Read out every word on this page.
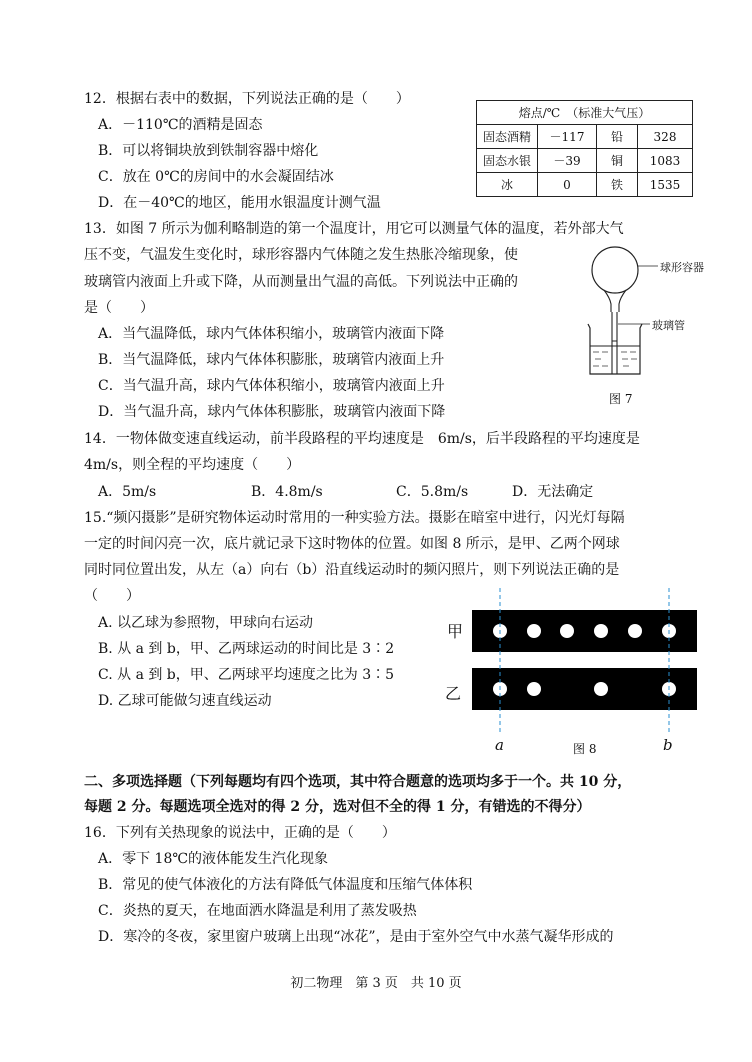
12．根据右表中的数据，下列说法正确的是（　　）
A．－110℃的酒精是固态
B．可以将铜块放到铁制容器中熔化
C．放在 0℃的房间中的水会凝固结冰
D．在－40℃的地区，能用水银温度计测气温
熔点/℃　（标准大气压）			
固态酒精	－117	铅	328
固态水银	－39	铜	1083
冰	0	铁	1535
13．如图 7 所示为伽利略制造的第一个温度计，用它可以测量气体的温度，若外部大气
压不变，气温发生变化时，球形容器内气体随之发生热胀冷缩现象，使
玻璃管内液面上升或下降，从而测量出气温的高低。下列说法中正确的
是（　　）
A．当气温降低，球内气体体积缩小，玻璃管内液面下降
B．当气温降低，球内气体体积膨胀，玻璃管内液面上升
C．当气温升高，球内气体体积缩小，玻璃管内液面上升
D．当气温升高，球内气体体积膨胀，玻璃管内液面下降
球形容器
玻璃管
图 7
14．一物体做变速直线运动，前半段路程的平均速度是　6m/s，后半段路程的平均速度是
4m/s，则全程的平均速度（　　）
A．5m/s	B．4.8m/s	C．5.8m/s	D．无法确定
15.“频闪摄影”是研究物体运动时常用的一种实验方法。摄影在暗室中进行，闪光灯每隔
一定的时间闪亮一次，底片就记录下这时物体的位置。如图 8 所示，是甲、乙两个网球
同时同位置出发，从左（a）向右（b）沿直线运动时的频闪照片，则下列说法正确的是
（　　）
A. 以乙球为参照物，甲球向右运动
B. 从 a 到 b，甲、乙两球运动的时间比是 3∶2
C. 从 a 到 b，甲、乙两球平均速度之比为 3∶5
D. 乙球可能做匀速直线运动
甲
乙
a	b
图 8
二、多项选择题（下列每题均有四个选项，其中符合题意的选项均多于一个。共 10 分，
每题 2 分。每题选项全选对的得 2 分，选对但不全的得 1 分，有错选的不得分）
16．下列有关热现象的说法中，正确的是（　　）
A．零下 18℃的液体能发生汽化现象
B．常见的使气体液化的方法有降低气体温度和压缩气体体积
C．炎热的夏天，在地面洒水降温是利用了蒸发吸热
D．寒冷的冬夜，家里窗户玻璃上出现“冰花”，是由于室外空气中水蒸气凝华形成的
初二物理　第 3 页　共 10 页
